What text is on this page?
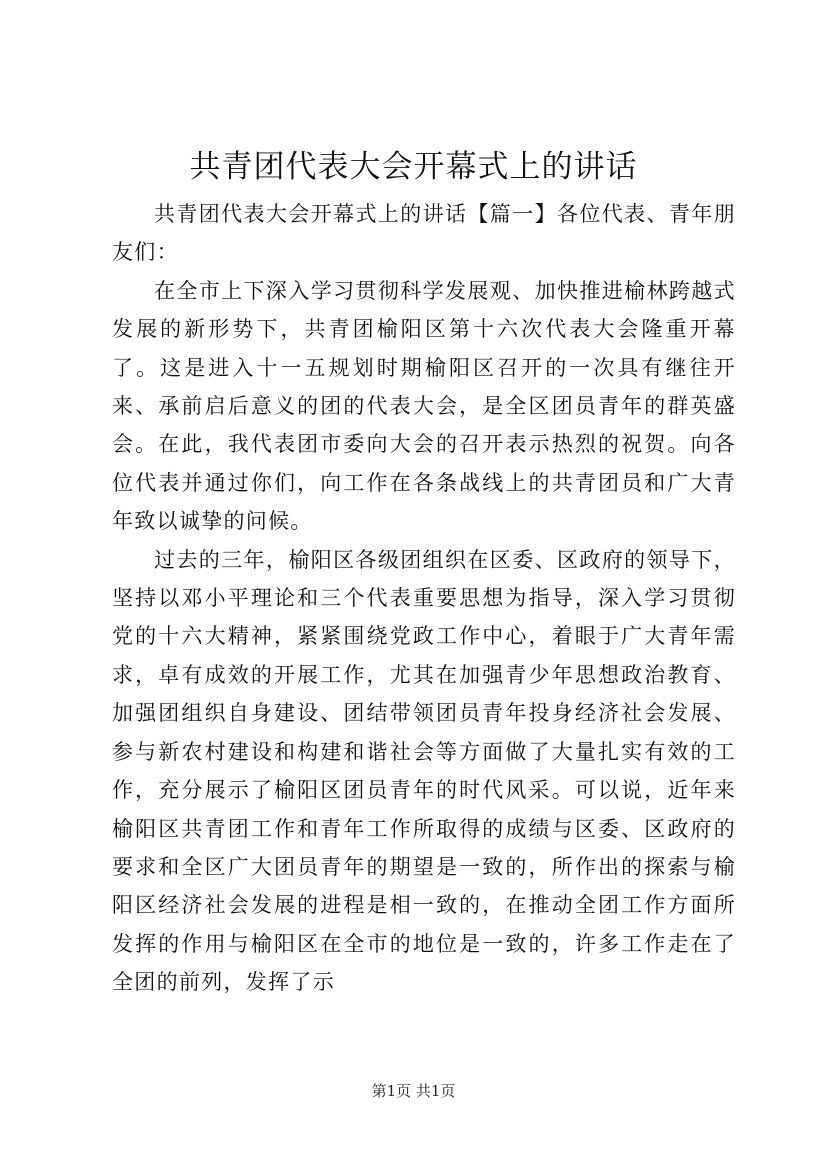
共青团代表大会开幕式上的讲话

共青团代表大会开幕式上的讲话【篇一】各位代表、青年朋友们：

在全市上下深入学习贯彻科学发展观、加快推进榆林跨越式发展的新形势下，共青团榆阳区第十六次代表大会隆重开幕了。这是进入十一五规划时期榆阳区召开的一次具有继往开来、承前启后意义的团的代表大会，是全区团员青年的群英盛会。在此，我代表团市委向大会的召开表示热烈的祝贺。向各位代表并通过你们，向工作在各条战线上的共青团员和广大青年致以诚挚的问候。

过去的三年，榆阳区各级团组织在区委、区政府的领导下，坚持以邓小平理论和三个代表重要思想为指导，深入学习贯彻党的十六大精神，紧紧围绕党政工作中心，着眼于广大青年需求，卓有成效的开展工作，尤其在加强青少年思想政治教育、加强团组织自身建设、团结带领团员青年投身经济社会发展、参与新农村建设和构建和谐社会等方面做了大量扎实有效的工作，充分展示了榆阳区团员青年的时代风采。可以说，近年来榆阳区共青团工作和青年工作所取得的成绩与区委、区政府的要求和全区广大团员青年的期望是一致的，所作出的探索与榆阳区经济社会发展的进程是相一致的，在推动全团工作方面所发挥的作用与榆阳区在全市的地位是一致的，许多工作走在了全团的前列，发挥了示

第1页 共1页
